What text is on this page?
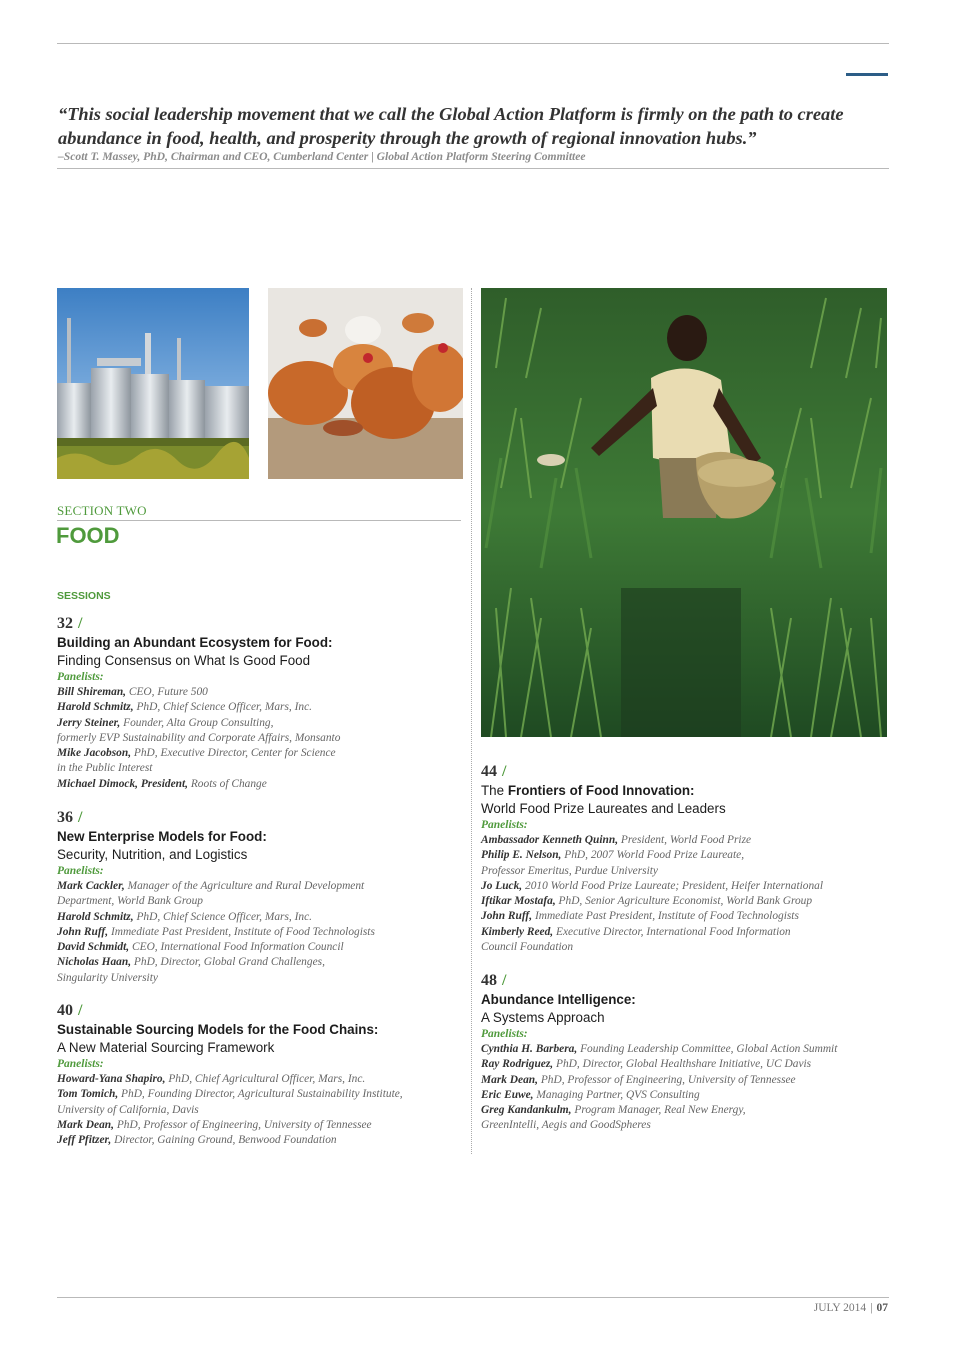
“This social leadership movement that we call the Global Action Platform is firmly on the path to create abundance in food, health, and prosperity through the growth of regional innovation hubs.”
–Scott T. Massey, PhD, Chairman and CEO, Cumberland Center | Global Action Platform Steering Committee
SECTION TWO
FOOD
SESSIONS
32 /
Building an Abundant Ecosystem for Food:
Finding Consensus on What Is Good Food
Panelists:
Bill Shireman, CEO, Future 500
Harold Schmitz, PhD, Chief Science Officer, Mars, Inc.
Jerry Steiner, Founder, Alta Group Consulting,
formerly EVP Sustainability and Corporate Affairs, Monsanto
Mike Jacobson, PhD, Executive Director, Center for Science
in the Public Interest
Michael Dimock, President, Roots of Change
36 /
New Enterprise Models for Food:
Security, Nutrition, and Logistics
Panelists:
Mark Cackler, Manager of the Agriculture and Rural Development
Department, World Bank Group
Harold Schmitz, PhD, Chief Science Officer, Mars, Inc.
John Ruff, Immediate Past President, Institute of Food Technologists
David Schmidt, CEO, International Food Information Council
Nicholas Haan, PhD, Director, Global Grand Challenges,
Singularity University
40 /
Sustainable Sourcing Models for the Food Chains:
A New Material Sourcing Framework
Panelists:
Howard-Yana Shapiro, PhD, Chief Agricultural Officer, Mars, Inc.
Tom Tomich, PhD, Founding Director, Agricultural Sustainability Institute,
University of California, Davis
Mark Dean, PhD, Professor of Engineering, University of Tennessee
Jeff Pfitzer, Director, Gaining Ground, Benwood Foundation
44 /
The Frontiers of Food Innovation:
World Food Prize Laureates and Leaders
Panelists:
Ambassador Kenneth Quinn, President, World Food Prize
Philip E. Nelson, PhD, 2007 World Food Prize Laureate,
Professor Emeritus, Purdue University
Jo Luck, 2010 World Food Prize Laureate; President, Heifer International
Iftikar Mostafa, PhD, Senior Agriculture Economist, World Bank Group
John Ruff, Immediate Past President, Institute of Food Technologists
Kimberly Reed, Executive Director, International Food Information
Council Foundation
48 /
Abundance Intelligence:
A Systems Approach
Panelists:
Cynthia H. Barbera, Founding Leadership Committee, Global Action Summit
Ray Rodriguez, PhD, Director, Global Healthshare Initiative, UC Davis
Mark Dean, PhD, Professor of Engineering, University of Tennessee
Eric Euwe, Managing Partner, QVS Consulting
Greg Kandankulm, Program Manager, Real New Energy,
GreenIntelli, Aegis and GoodSpheres
JULY 2014 | 07
